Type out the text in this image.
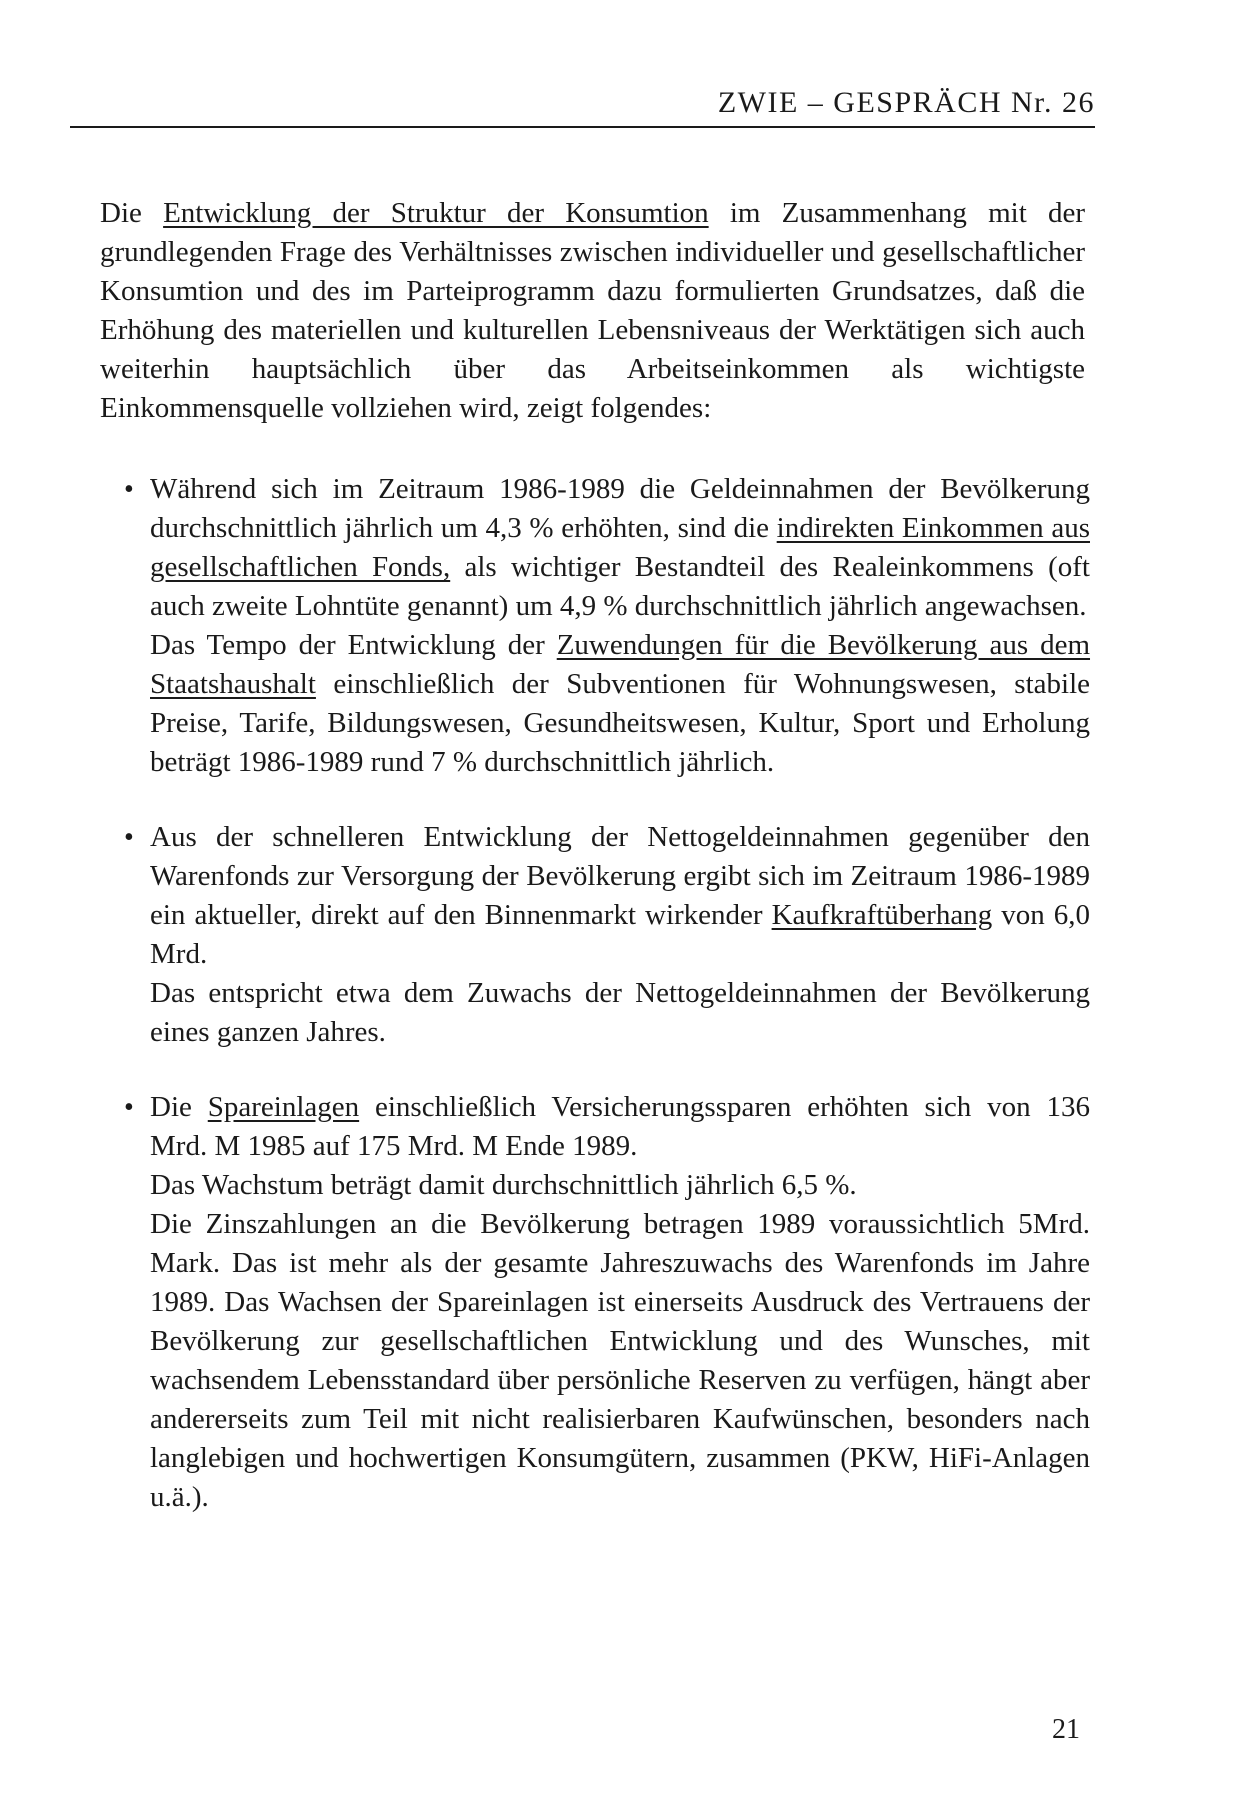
ZWIE – GESPRÄCH Nr. 26

Die Entwicklung der Struktur der Konsumtion im Zusammenhang mit der grundlegenden Frage des Verhältnisses zwischen individueller und gesellschaftlicher Konsumtion und des im Parteiprogramm dazu formulierten Grundsatzes, daß die Erhöhung des materiellen und kulturellen Lebensniveaus der Werktätigen sich auch weiterhin hauptsächlich über das Arbeitseinkommen als wichtigste Einkommensquelle vollziehen wird, zeigt folgendes:

• Während sich im Zeitraum 1986-1989 die Geldeinnahmen der Bevölkerung durchschnittlich jährlich um 4,3 % erhöhten, sind die indirekten Einkommen aus gesellschaftlichen Fonds, als wichtiger Bestandteil des Realeinkommens (oft auch zweite Lohntüte genannt) um 4,9 % durchschnittlich jährlich angewachsen.

Das Tempo der Entwicklung der Zuwendungen für die Bevölkerung aus dem Staatshaushalt einschließlich der Subventionen für Wohnungswesen, stabile Preise, Tarife, Bildungswesen, Gesundheitswesen, Kultur, Sport und Erholung beträgt 1986-1989 rund 7 % durchschnittlich jährlich.

• Aus der schnelleren Entwicklung der Nettogeldeinnahmen gegenüber den Warenfonds zur Versorgung der Bevölkerung ergibt sich im Zeitraum 1986-1989 ein aktueller, direkt auf den Binnenmarkt wirkender Kaufkraftüberhang von 6,0 Mrd.

Das entspricht etwa dem Zuwachs der Nettogeldeinnahmen der Bevölkerung eines ganzen Jahres.

• Die Spareinlagen einschließlich Versicherungssparen erhöhten sich von 136 Mrd. M 1985 auf 175 Mrd. M Ende 1989.

Das Wachstum beträgt damit durchschnittlich jährlich 6,5 %.

Die Zinszahlungen an die Bevölkerung betragen 1989 voraussichtlich 5Mrd. Mark. Das ist mehr als der gesamte Jahreszuwachs des Warenfonds im Jahre 1989. Das Wachsen der Spareinlagen ist einerseits Ausdruck des Vertrauens der Bevölkerung zur gesellschaftlichen Entwicklung und des Wunsches, mit wachsendem Lebensstandard über persönliche Reserven zu verfügen, hängt aber andererseits zum Teil mit nicht realisierbaren Kaufwünschen, besonders nach langlebigen und hochwertigen Konsumgütern, zusammen (PKW, HiFi-Anlagen u.ä.).

21
